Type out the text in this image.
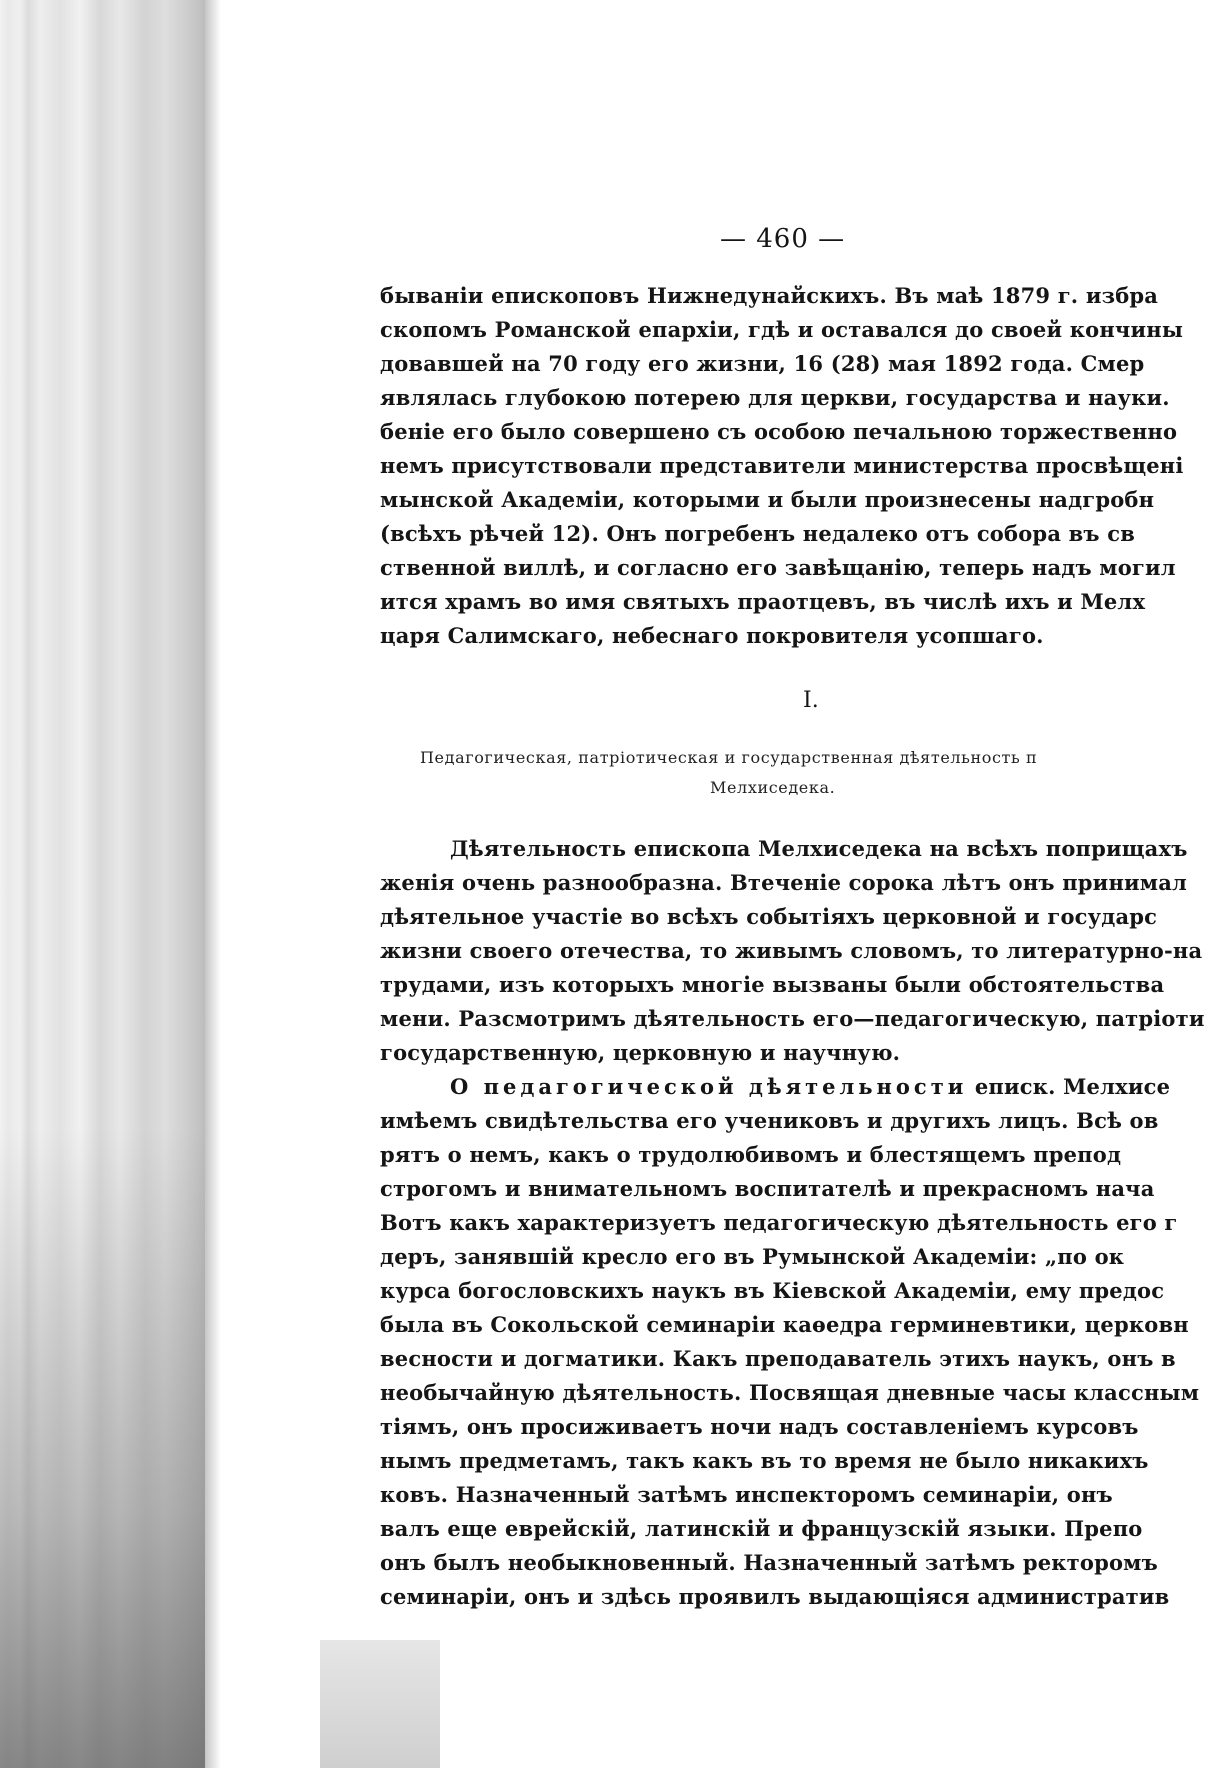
— 460 —
бываніи епископовъ Нижнедунайскихъ. Въ маѣ 1879 г. избра
скопомъ Романской епархіи, гдѣ и оставался до своей кончины
довавшей на 70 году его жизни, 16 (28) мая 1892 года. Смер
являлась глубокою потерею для церкви, государства и науки.
беніе его было совершено съ особою печальною торжественно
немъ присутствовали представители министерства просвѣщені
мынской Академіи, которыми и были произнесены надгробн
(всѣхъ рѣчей 12). Онъ погребенъ недалеко отъ собора въ св
ственной виллѣ, и согласно его завѣщанію, теперь надъ могил
ится храмъ во имя святыхъ праотцевъ, въ числѣ ихъ и Мелх
царя Салимскаго, небеснаго покровителя усопшаго.
I.
Педагогическая, патріотическая и государственная дѣятельность п
Мелхиседека.
Дѣятельность епископа Мелхиседека на всѣхъ поприщахъ
женія очень разнообразна. Втеченіе сорока лѣтъ онъ принимал
дѣятельное участіе во всѣхъ событіяхъ церковной и государс
жизни своего отечества, то живымъ словомъ, то литературно-на
трудами, изъ которыхъ многіе вызваны были обстоятельства
мени. Разсмотримъ дѣятельность его—педагогическую, патріоти
государственную, церковную и научную.
О педагогической дѣятельности еписк. Мелхисе
имѣемъ свидѣтельства его учениковъ и другихъ лицъ. Всѣ ов
рятъ о немъ, какъ о трудолюбивомъ и блестящемъ препод
строгомъ и внимательномъ воспитателѣ и прекрасномъ нача
Вотъ какъ характеризуетъ педагогическую дѣятельность его г
деръ, занявшій кресло его въ Румынской Академіи: „по ок
курса богословскихъ наукъ въ Кіевской Академіи, ему предос
была въ Сокольской семинаріи каѳедра герминевтики, церковн
весности и догматики. Какъ преподаватель этихъ наукъ, онъ в
необычайную дѣятельность. Посвящая дневные часы классным
тіямъ, онъ просиживаетъ ночи надъ составленіемъ курсовъ
нымъ предметамъ, такъ какъ въ то время не было никакихъ
ковъ. Назначенный затѣмъ инспекторомъ семинаріи, онъ
валъ еще еврейскій, латинскій и французскій языки. Препо
онъ былъ необыкновенный. Назначенный затѣмъ ректоромъ
семинаріи, онъ и здѣсь проявилъ выдающіяся административ
